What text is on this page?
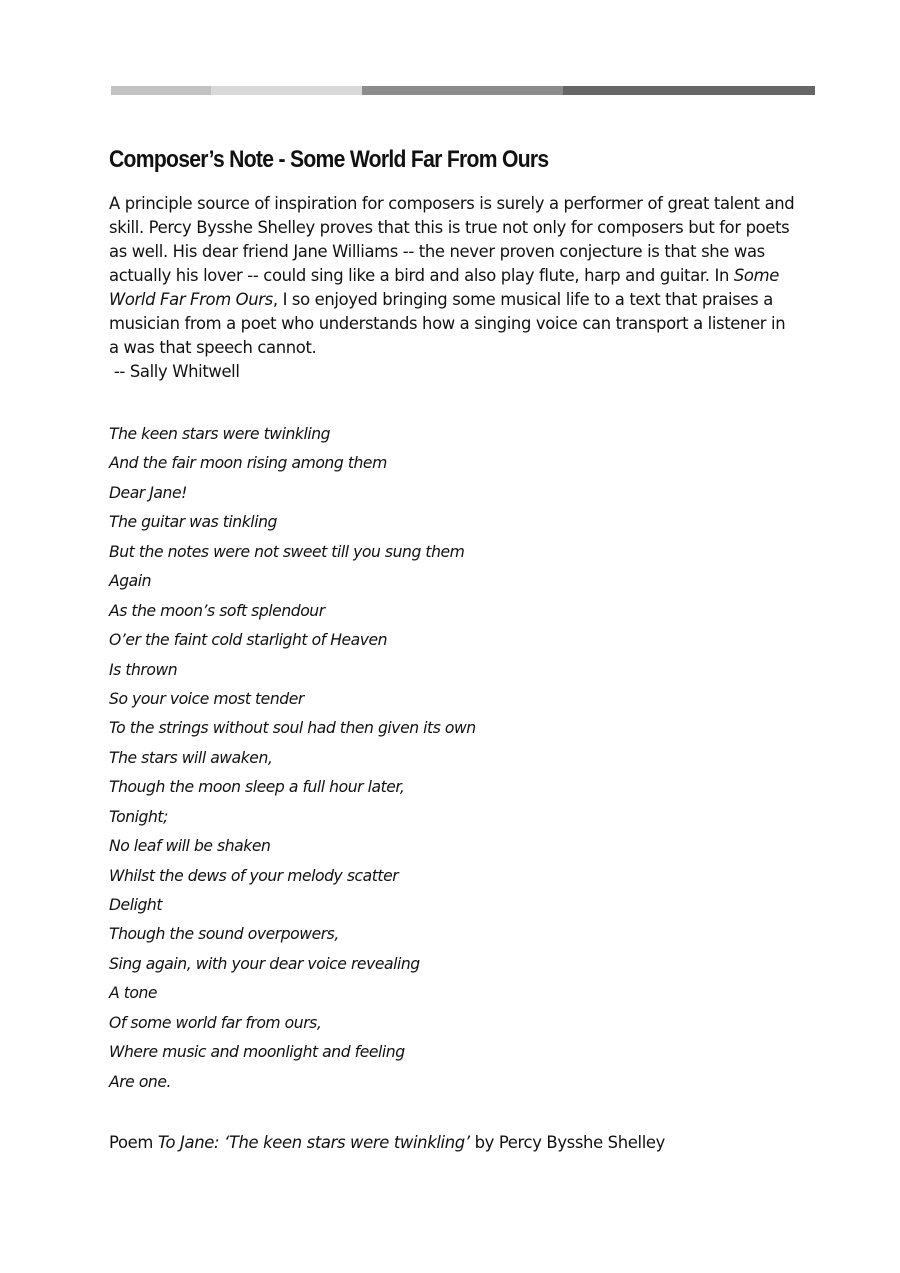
Composer’s Note - Some World Far From Ours

A principle source of inspiration for composers is surely a performer of great talent and skill. Percy Bysshe Shelley proves that this is true not only for composers but for poets as well. His dear friend Jane Williams -- the never proven conjecture is that she was actually his lover -- could sing like a bird and also play flute, harp and guitar. In Some World Far From Ours, I so enjoyed bringing some musical life to a text that praises a musician from a poet who understands how a singing voice can transport a listener in a was that speech cannot.

-- Sally Whitwell

The keen stars were twinkling
And the fair moon rising among them
Dear Jane!
The guitar was tinkling
But the notes were not sweet till you sung them
Again
As the moon’s soft splendour
O’er the faint cold starlight of Heaven
Is thrown
So your voice most tender
To the strings without soul had then given its own
The stars will awaken,
Though the moon sleep a full hour later,
Tonight;
No leaf will be shaken
Whilst the dews of your melody scatter
Delight
Though the sound overpowers,
Sing again, with your dear voice revealing
A tone
Of some world far from ours,
Where music and moonlight and feeling
Are one.

Poem To Jane: ‘The keen stars were twinkling’ by Percy Bysshe Shelley
